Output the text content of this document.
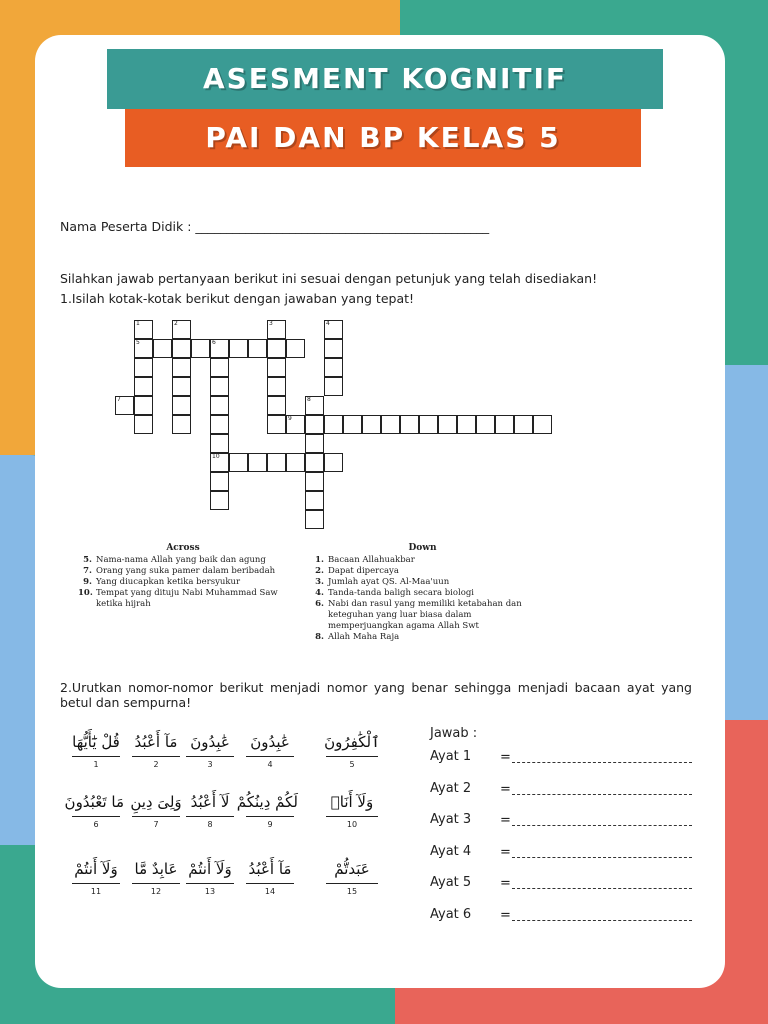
ASESMENT KOGNITIF
PAI DAN BP KELAS 5
Nama Peserta Didik : _______________________________________________
Silahkan jawab pertanyaan berikut ini sesuai dengan petunjuk yang telah disediakan!
1.Isilah kotak-kotak berikut dengan jawaban yang tepat!
1
5
2
6
10
3	4
7	8
9
Across
5. Nama-nama Allah yang baik dan agung
7. Orang yang suka pamer dalam beribadah
9. Yang diucapkan ketika bersyukur
10. Tempat yang dituju Nabi Muhammad Saw ketika hijrah
Down
1. Bacaan Allahuakbar
2. Dapat dipercaya
3. Jumlah ayat QS. Al-Maa'uun
4. Tanda-tanda baligh secara biologi
6. Nabi dan rasul yang memiliki ketabahan dan keteguhan yang luar biasa dalam memperjuangkan agama Allah Swt
8. Allah Maha Raja
2.Urutkan nomor-nomor berikut menjadi nomor yang benar sehingga menjadi bacaan ayat yang betul dan sempurna!
قُلْ يَٰٓأَيُّهَا
1
مَآ أَعْبُدُ
2
عَٰبِدُونَ
3
عَٰبِدُونَ
4
ٱلْكَٰفِرُونَ
5
مَا تَعْبُدُونَ
6
وَلِىَ دِينِ
7
لَآ أَعْبُدُ
8
لَكُمْ دِينُكُمْ
9
وَلَآ أَنَا۠
10
وَلَآ أَنتُمْ
11
عَابِدٌ مَّا
12
وَلَآ أَنتُمْ
13
مَآ أَعْبُدُ
14
عَبَدتُّمْ
15
Jawab :
Ayat 1 =
Ayat 2 =
Ayat 3 =
Ayat 4 =
Ayat 5 =
Ayat 6 =
